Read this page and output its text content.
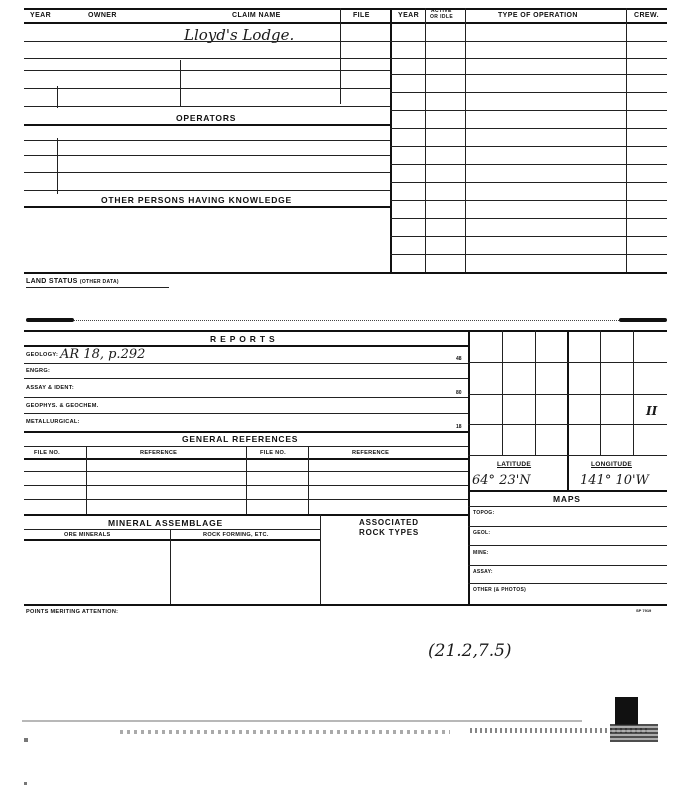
YEAR	OWNER	CLAIM NAME	FILE	YEAR
ACTIVE
OR IDLE	TYPE OF OPERATION	CREW.
Lloyd's Lodge.
OPERATORS
OTHER PERSONS HAVING KNOWLEDGE
LAND STATUS (OTHER DATA)
R E P O R T S
GEOLOGY: AR 18, p.292	48
ENGRG:
ASSAY & IDENT:
80
GEOPHYS. & GEOCHEM.
METALLURGICAL:
18
GENERAL REFERENCES
FILE NO.	REFERENCE	FILE NO.	REFERENCE
II
LATITUDE	LONGITUDE
64° 23'N	141° 10'W
MAPS
TOPOG:
GEOL:
MINE:
ASSAY:
OTHER (& PHOTOS)
MINERAL ASSEMBLAGE
ORE MINERALS	ROCK FORMING, ETC.
ASSOCIATED
ROCK TYPES
POINTS MERITING ATTENTION:	SP 7919
(21.2,7.5)
